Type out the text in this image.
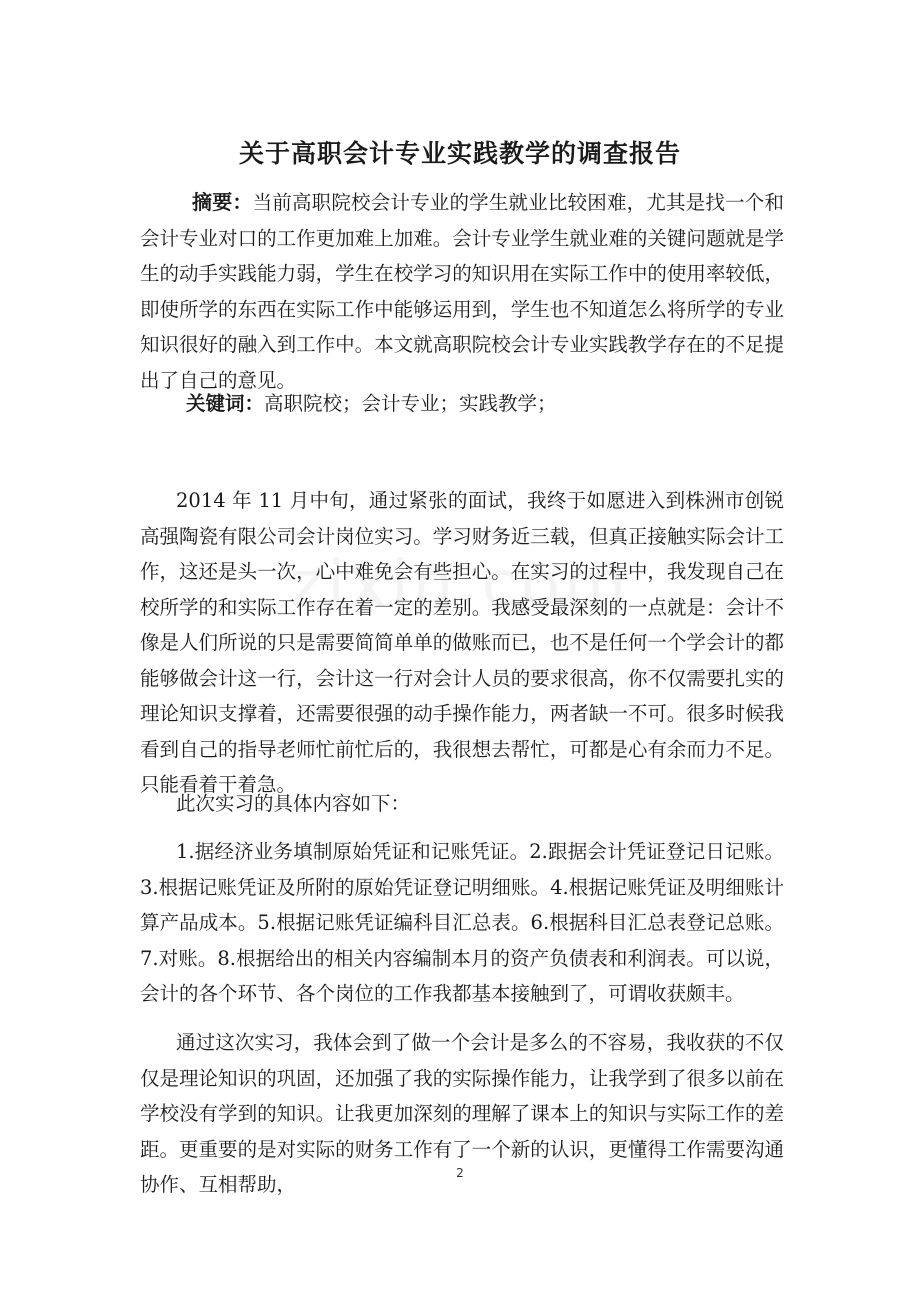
关于高职会计专业实践教学的调查报告

摘要：当前高职院校会计专业的学生就业比较困难，尤其是找一个和会计专业对口的工作更加难上加难。会计专业学生就业难的关键问题就是学生的动手实践能力弱，学生在校学习的知识用在实际工作中的使用率较低，即使所学的东西在实际工作中能够运用到，学生也不知道怎么将所学的专业知识很好的融入到工作中。本文就高职院校会计专业实践教学存在的不足提出了自己的意见。

关键词：高职院校；会计专业；实践教学；

2014 年 11 月中旬，通过紧张的面试，我终于如愿进入到株洲市创锐高强陶瓷有限公司会计岗位实习。学习财务近三载，但真正接触实际会计工作，这还是头一次，心中难免会有些担心。在实习的过程中，我发现自己在校所学的和实际工作存在着一定的差别。我感受最深刻的一点就是：会计不像是人们所说的只是需要简简单单的做账而已，也不是任何一个学会计的都能够做会计这一行，会计这一行对会计人员的要求很高，你不仅需要扎实的理论知识支撑着，还需要很强的动手操作能力，两者缺一不可。很多时候我看到自己的指导老师忙前忙后的，我很想去帮忙，可都是心有余而力不足。只能看着干着急。

此次实习的具体内容如下：

1.据经济业务填制原始凭证和记账凭证。2.跟据会计凭证登记日记账。3.根据记账凭证及所附的原始凭证登记明细账。4.根据记账凭证及明细账计算产品成本。5.根据记账凭证编科目汇总表。6.根据科目汇总表登记总账。7.对账。8.根据给出的相关内容编制本月的资产负债表和利润表。可以说，会计的各个环节、各个岗位的工作我都基本接触到了，可谓收获颇丰。

通过这次实习，我体会到了做一个会计是多么的不容易，我收获的不仅仅是理论知识的巩固，还加强了我的实际操作能力，让我学到了很多以前在学校没有学到的知识。让我更加深刻的理解了课本上的知识与实际工作的差距。更重要的是对实际的财务工作有了一个新的认识，更懂得工作需要沟通协作、互相帮助，	2
